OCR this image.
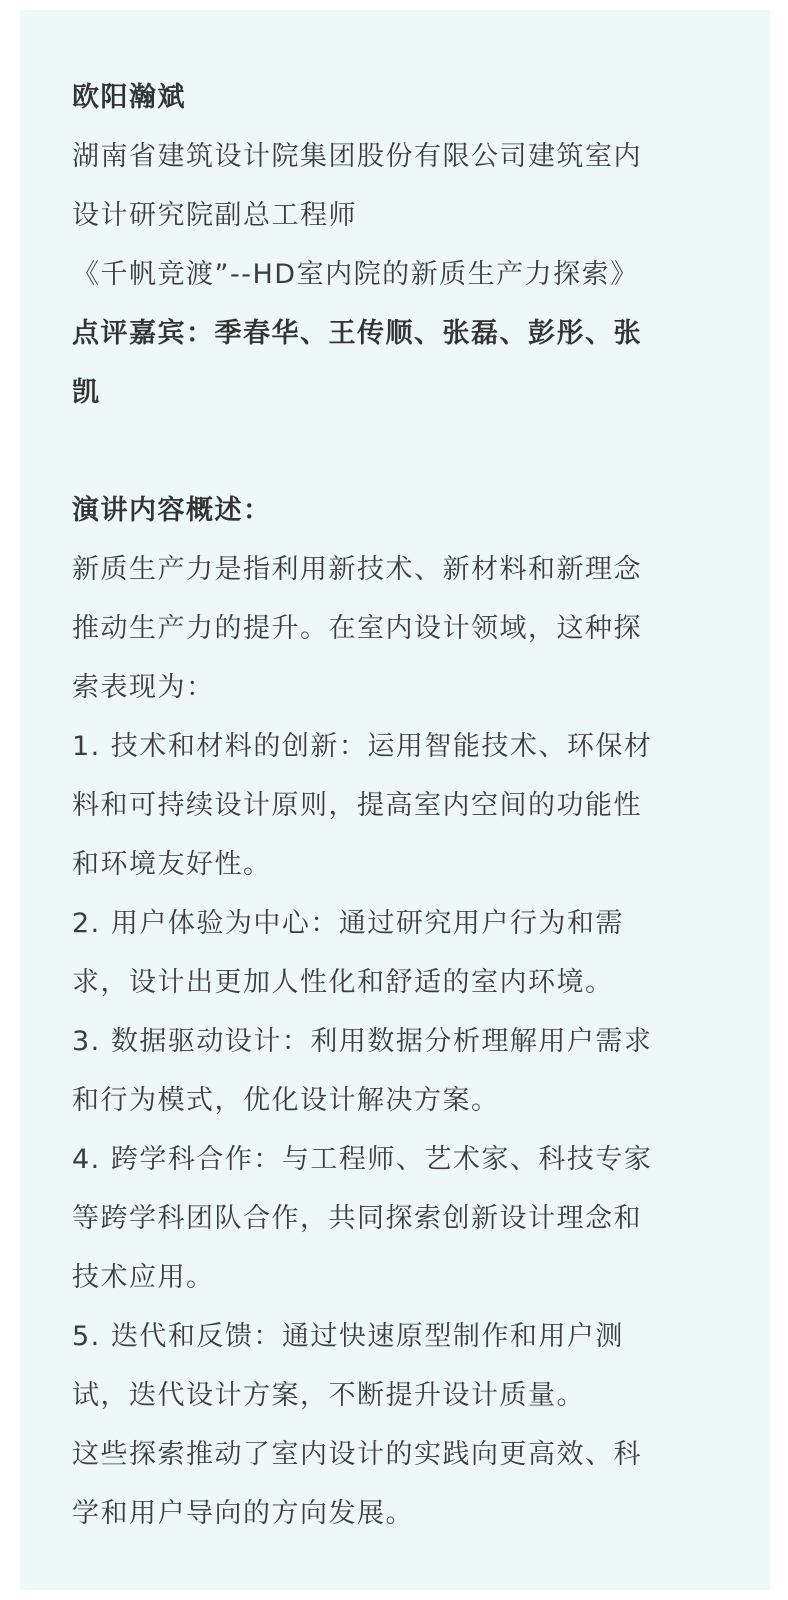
欧阳瀚斌
湖南省建筑设计院集团股份有限公司建筑室内
设计研究院副总工程师
《千帆竞渡”--HD室内院的新质生产力探索》
点评嘉宾：季春华、王传顺、张磊、彭彤、张
凯
演讲内容概述：
新质生产力是指利用新技术、新材料和新理念
推动生产力的提升。在室内设计领域，这种探
索表现为：
1. 技术和材料的创新：运用智能技术、环保材
料和可持续设计原则，提高室内空间的功能性
和环境友好性。
2. 用户体验为中心：通过研究用户行为和需
求，设计出更加人性化和舒适的室内环境。
3. 数据驱动设计：利用数据分析理解用户需求
和行为模式，优化设计解决方案。
4. 跨学科合作：与工程师、艺术家、科技专家
等跨学科团队合作，共同探索创新设计理念和
技术应用。
5. 迭代和反馈：通过快速原型制作和用户测
试，迭代设计方案，不断提升设计质量。
这些探索推动了室内设计的实践向更高效、科
学和用户导向的方向发展。
